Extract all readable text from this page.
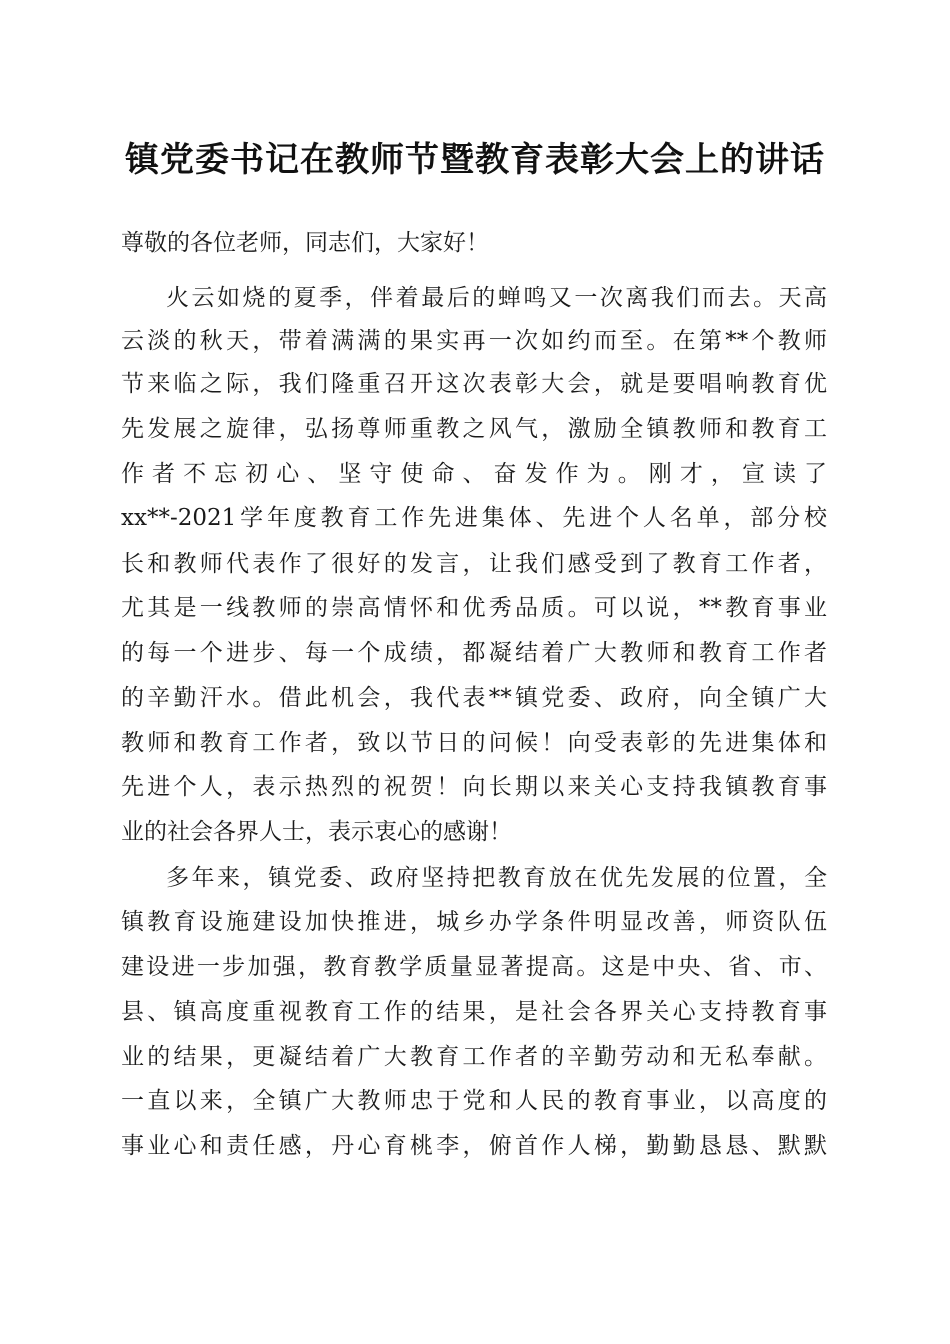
镇党委书记在教师节暨教育表彰大会上的讲话
尊敬的各位老师，同志们，大家好！
火云如烧的夏季，伴着最后的蝉鸣又一次离我们而去。天高
云淡的秋天，带着满满的果实再一次如约而至。在第**个教师
节来临之际，我们隆重召开这次表彰大会，就是要唱响教育优
先发展之旋律，弘扬尊师重教之风气，激励全镇教师和教育工
作者不忘初心、坚守使命、奋发作为。刚才，宣读了
xx**-2021学年度教育工作先进集体、先进个人名单，部分校
长和教师代表作了很好的发言，让我们感受到了教育工作者，
尤其是一线教师的崇高情怀和优秀品质。可以说，**教育事业
的每一个进步、每一个成绩，都凝结着广大教师和教育工作者
的辛勤汗水。借此机会，我代表**镇党委、政府，向全镇广大
教师和教育工作者，致以节日的问候！向受表彰的先进集体和
先进个人，表示热烈的祝贺！向长期以来关心支持我镇教育事
业的社会各界人士，表示衷心的感谢！
多年来，镇党委、政府坚持把教育放在优先发展的位置，全
镇教育设施建设加快推进，城乡办学条件明显改善，师资队伍
建设进一步加强，教育教学质量显著提高。这是中央、省、市、
县、镇高度重视教育工作的结果，是社会各界关心支持教育事
业的结果，更凝结着广大教育工作者的辛勤劳动和无私奉献。
一直以来，全镇广大教师忠于党和人民的教育事业，以高度的
事业心和责任感，丹心育桃李，俯首作人梯，勤勤恳恳、默默
